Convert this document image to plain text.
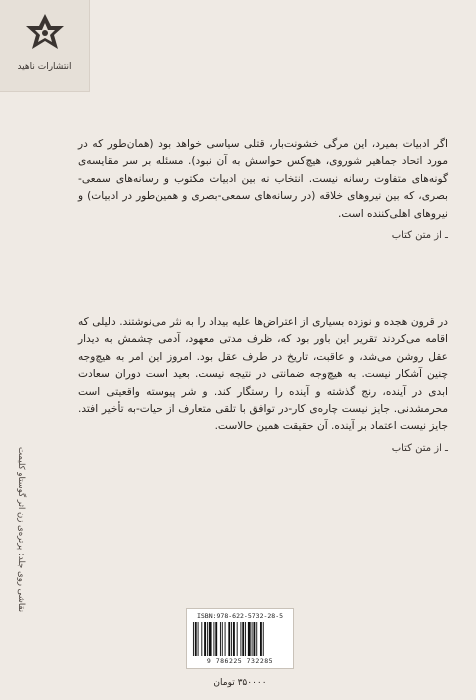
انتشارات ناهید
اگر ادبیات بمیرد، این مرگی خشونت‌بار، قتلی سیاسی خواهد بود (همان‌طور که در مورد اتحاد جماهیر شوروی، هیچ‌کس حواسش به آن نبود). مسئله بر سر مقایسه‌ی گونه‌های متفاوت رسانه نیست. انتخاب نه بین ادبیات مکتوب و رسانه‌های سمعی-بصری، که بین نیروهای خلاقه (در رسانه‌های سمعی-بصری و همین‌طور در ادبیات) و نیروهای اهلی‌کننده است.
ـ از متن کتاب
در قرون هجده و نوزده بسیاری از اعتراض‌ها علیه بیداد را به نثر می‌نوشتند. دلیلی که اقامه می‌کردند تقریر این باور بود که، ظرف مدتی معهود، آدمی چشمش به دیدار عقل روشن می‌شد، و عاقبت، تاریخ در طرف عقل بود. امروز این امر به هیچ‌وجه چنین آشکار نیست. به هیچ‌وجه ضمانتی در نتیجه نیست. بعید است دوران سعادت ابدی در آینده، رنج گذشته و آینده را رستگار کند. و شر پیوسته واقعیتی است محرمشدنی. جایز نیست چاره‌ی کار-در توافق با تلقی متعارف از حیات-به تأخیر افتد. جایز نیست اعتماد بر آینده. آن حقیقت همین حالاست.
ـ از متن کتاب
نقاشی روی جلد: پرتره‌ی زن اثر گوستاو کلیمت
ISBN:978-622-5732-28-5
9 786225 732285
۳۵۰۰۰۰ تومان
